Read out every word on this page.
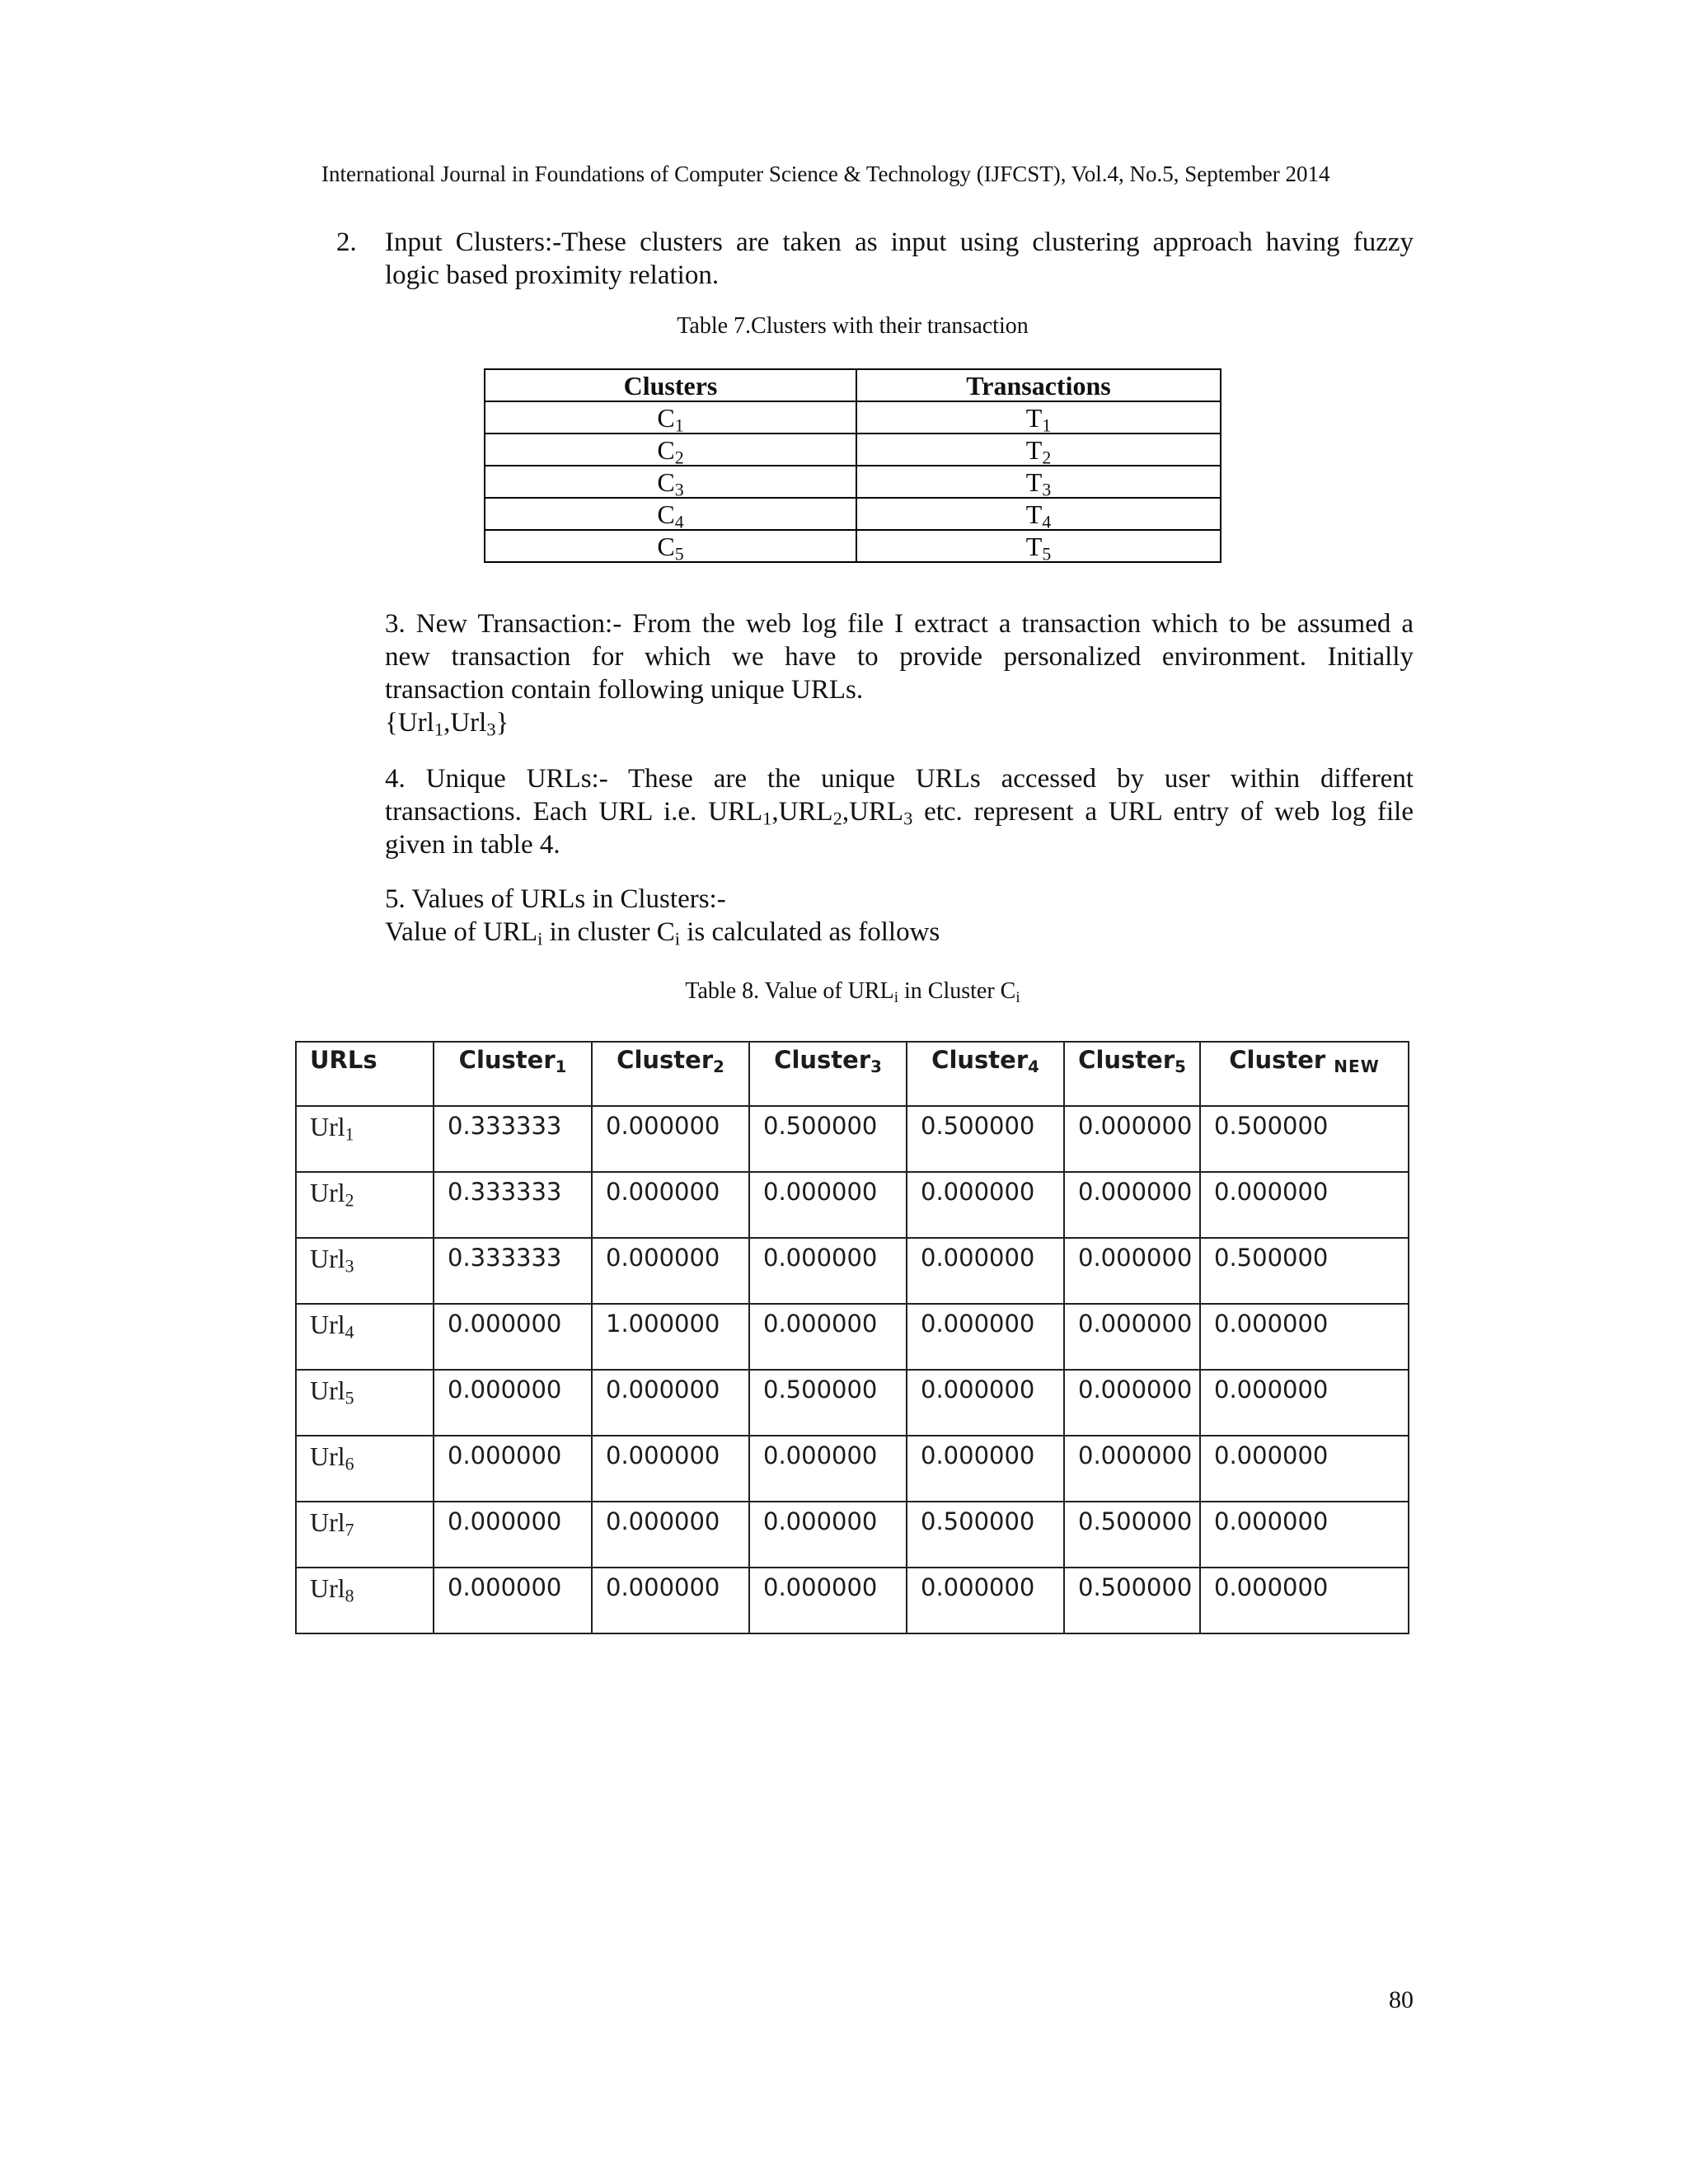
International Journal in Foundations of Computer Science & Technology (IJFCST), Vol.4, No.5, September 2014
2. Input Clusters:-These clusters are taken as input using clustering approach having fuzzy
logic based proximity relation.
Table 7.Clusters with their transaction
Clusters	Transactions
$C_1$	$T_1$
$C_2$	$T_2$
$C_3$	$T_3$
$C_4$	$T_4$
$C_5$	$T_5$
3. New Transaction:- From the web log file I extract a transaction which to be assumed a
new transaction for which we have to provide personalized environment. Initially
transaction contain following unique URLs.
{Url$_1$,Url$_3$}
4. Unique URLs:- These are the unique URLs accessed by user within different
transactions. Each URL i.e. $URL_1,URL_2,URL_3$ etc. represent a URL entry of web log file
given in table 4.
5. Values of URLs in Clusters:-
Value of $URL_i$ in cluster $C_i$ is calculated as follows
Table 8. Value of $URL_i$ in Cluster $C_i$
URLs	Cluster$_1$	Cluster$_2$	Cluster$_3$	Cluster$_4$	Cluster$_5$	Cluster $_{NEW}$
Url$_1$	0.333333	0.000000	0.500000	0.500000	0.000000	0.500000
Url$_2$	0.333333	0.000000	0.000000	0.000000	0.000000	0.000000
Url$_3$	0.333333	0.000000	0.000000	0.000000	0.000000	0.500000
Url$_4$	0.000000	1.000000	0.000000	0.000000	0.000000	0.000000
Url$_5$	0.000000	0.000000	0.500000	0.000000	0.000000	0.000000
Url$_6$	0.000000	0.000000	0.000000	0.000000	0.000000	0.000000
Url$_7$	0.000000	0.000000	0.000000	0.500000	0.500000	0.000000
Url$_8$	0.000000	0.000000	0.000000	0.000000	0.500000	0.000000
80
